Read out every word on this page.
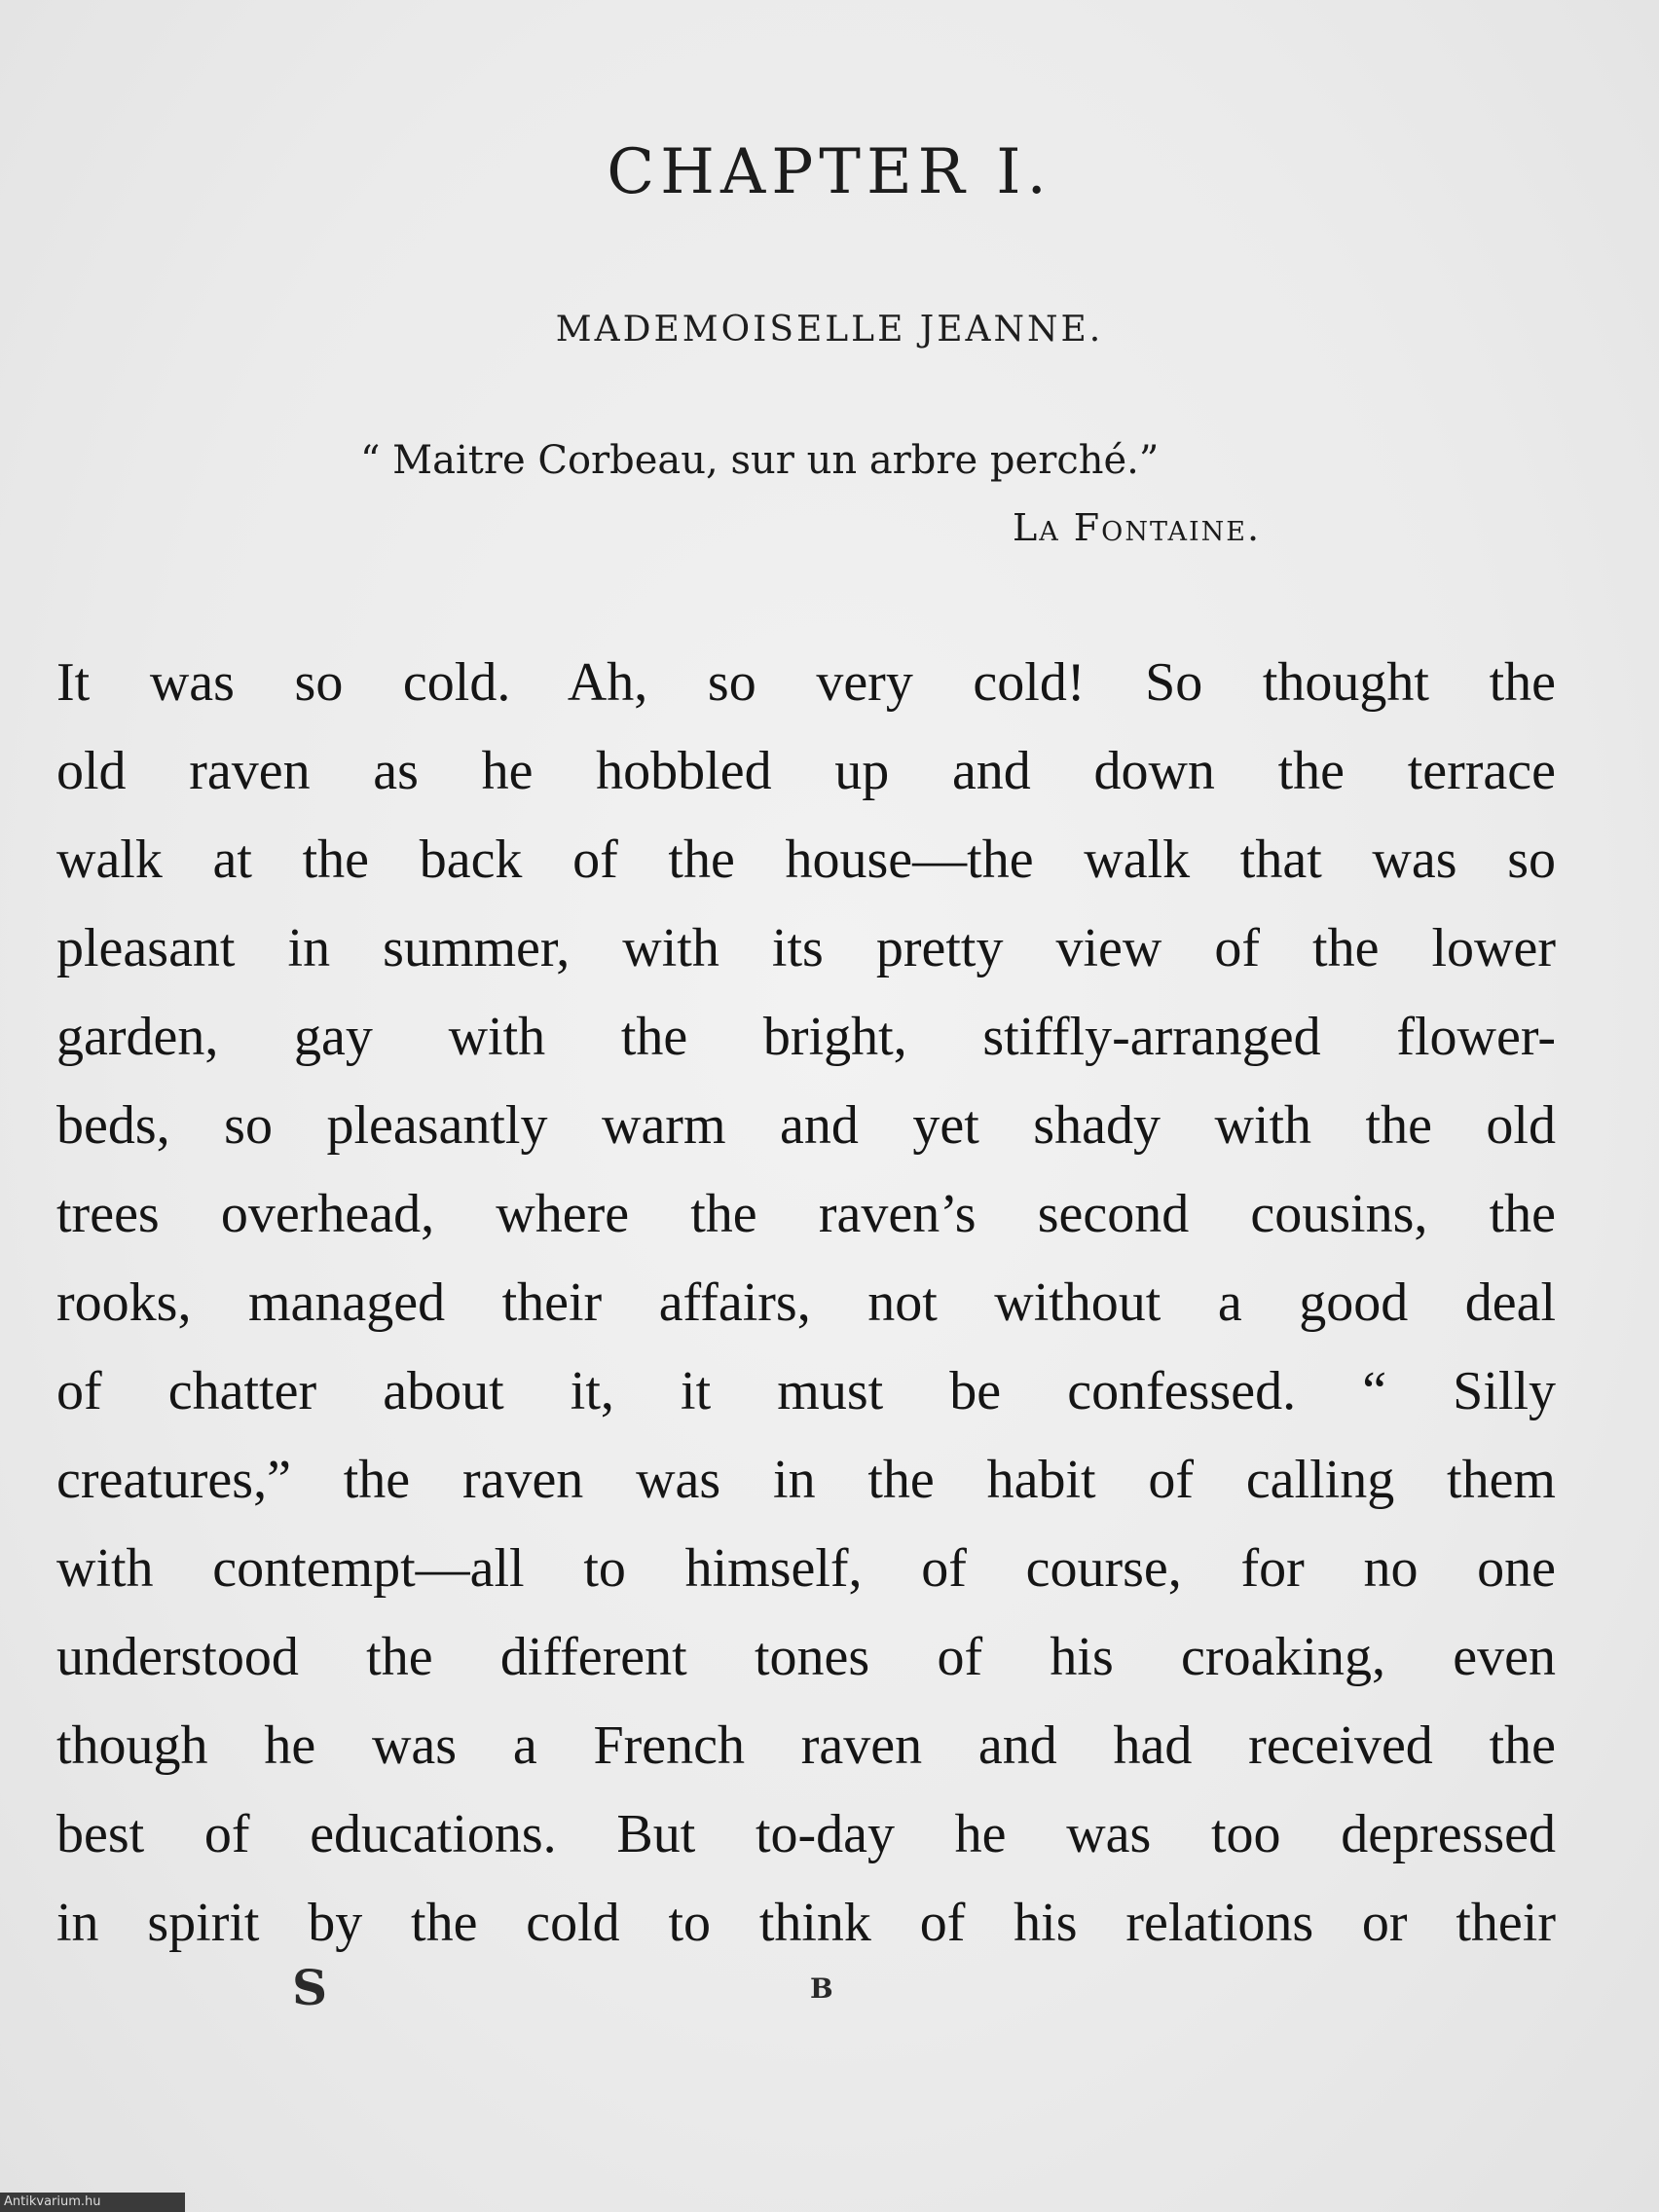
CHAPTER I.
MADEMOISELLE JEANNE.
“ Maitre Corbeau, sur un arbre perché.”
La Fontaine.
It was so cold. Ah, so very cold! So thought the
old raven as he hobbled up and down the terrace
walk at the back of the house—the walk that was so
pleasant in summer, with its pretty view of the lower
garden, gay with the bright, stiffly-arranged flower-
beds, so pleasantly warm and yet shady with the old
trees overhead, where the raven’s second cousins, the
rooks, managed their affairs, not without a good deal
of chatter about it, it must be confessed. “ Silly
creatures,” the raven was in the habit of calling them
with contempt—all to himself, of course, for no one
understood the different tones of his croaking, even
though he was a French raven and had received the
best of educations. But to-day he was too depressed
in spirit by the cold to think of his relations or their
S	B
Antikvarium.hu
